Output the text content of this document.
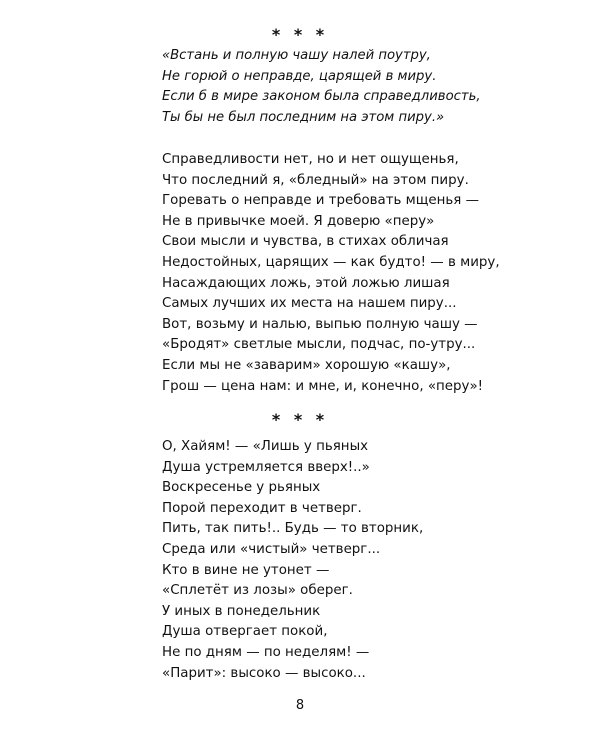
* * *
«Встань и полную чашу налей поутру,
Не горюй о неправде, царящей в миру.
Если б в мире законом была справедливость,
Ты бы не был последним на этом пиру.»
Справедливости нет, но и нет ощущенья,
Что последний я, «бледный» на этом пиру.
Горевать о неправде и требовать мщенья —
Не в привычке моей. Я доверю «перу»
Свои мысли и чувства, в стихах обличая
Недостойных, царящих — как будто! — в миру,
Насаждающих ложь, этой ложью лишая
Самых лучших их места на нашем пиру...
Вот, возьму и налью, выпью полную чашу —
«Бродят» светлые мысли, подчас, по-утру...
Если мы не «заварим» хорошую «кашу»,
Грош — цена нам: и мне, и, конечно, «перу»!
* * *
О, Хайям! — «Лишь у пьяных
Душа устремляется вверх!..»
Воскресенье у рьяных
Порой переходит в четверг.
Пить, так пить!.. Будь — то вторник,
Среда или «чистый» четверг...
Кто в вине не утонет —
«Сплетёт из лозы» оберег.
У иных в понедельник
Душа отвергает покой,
Не по дням — по неделям! —
«Парит»: высоко — высоко...
8
